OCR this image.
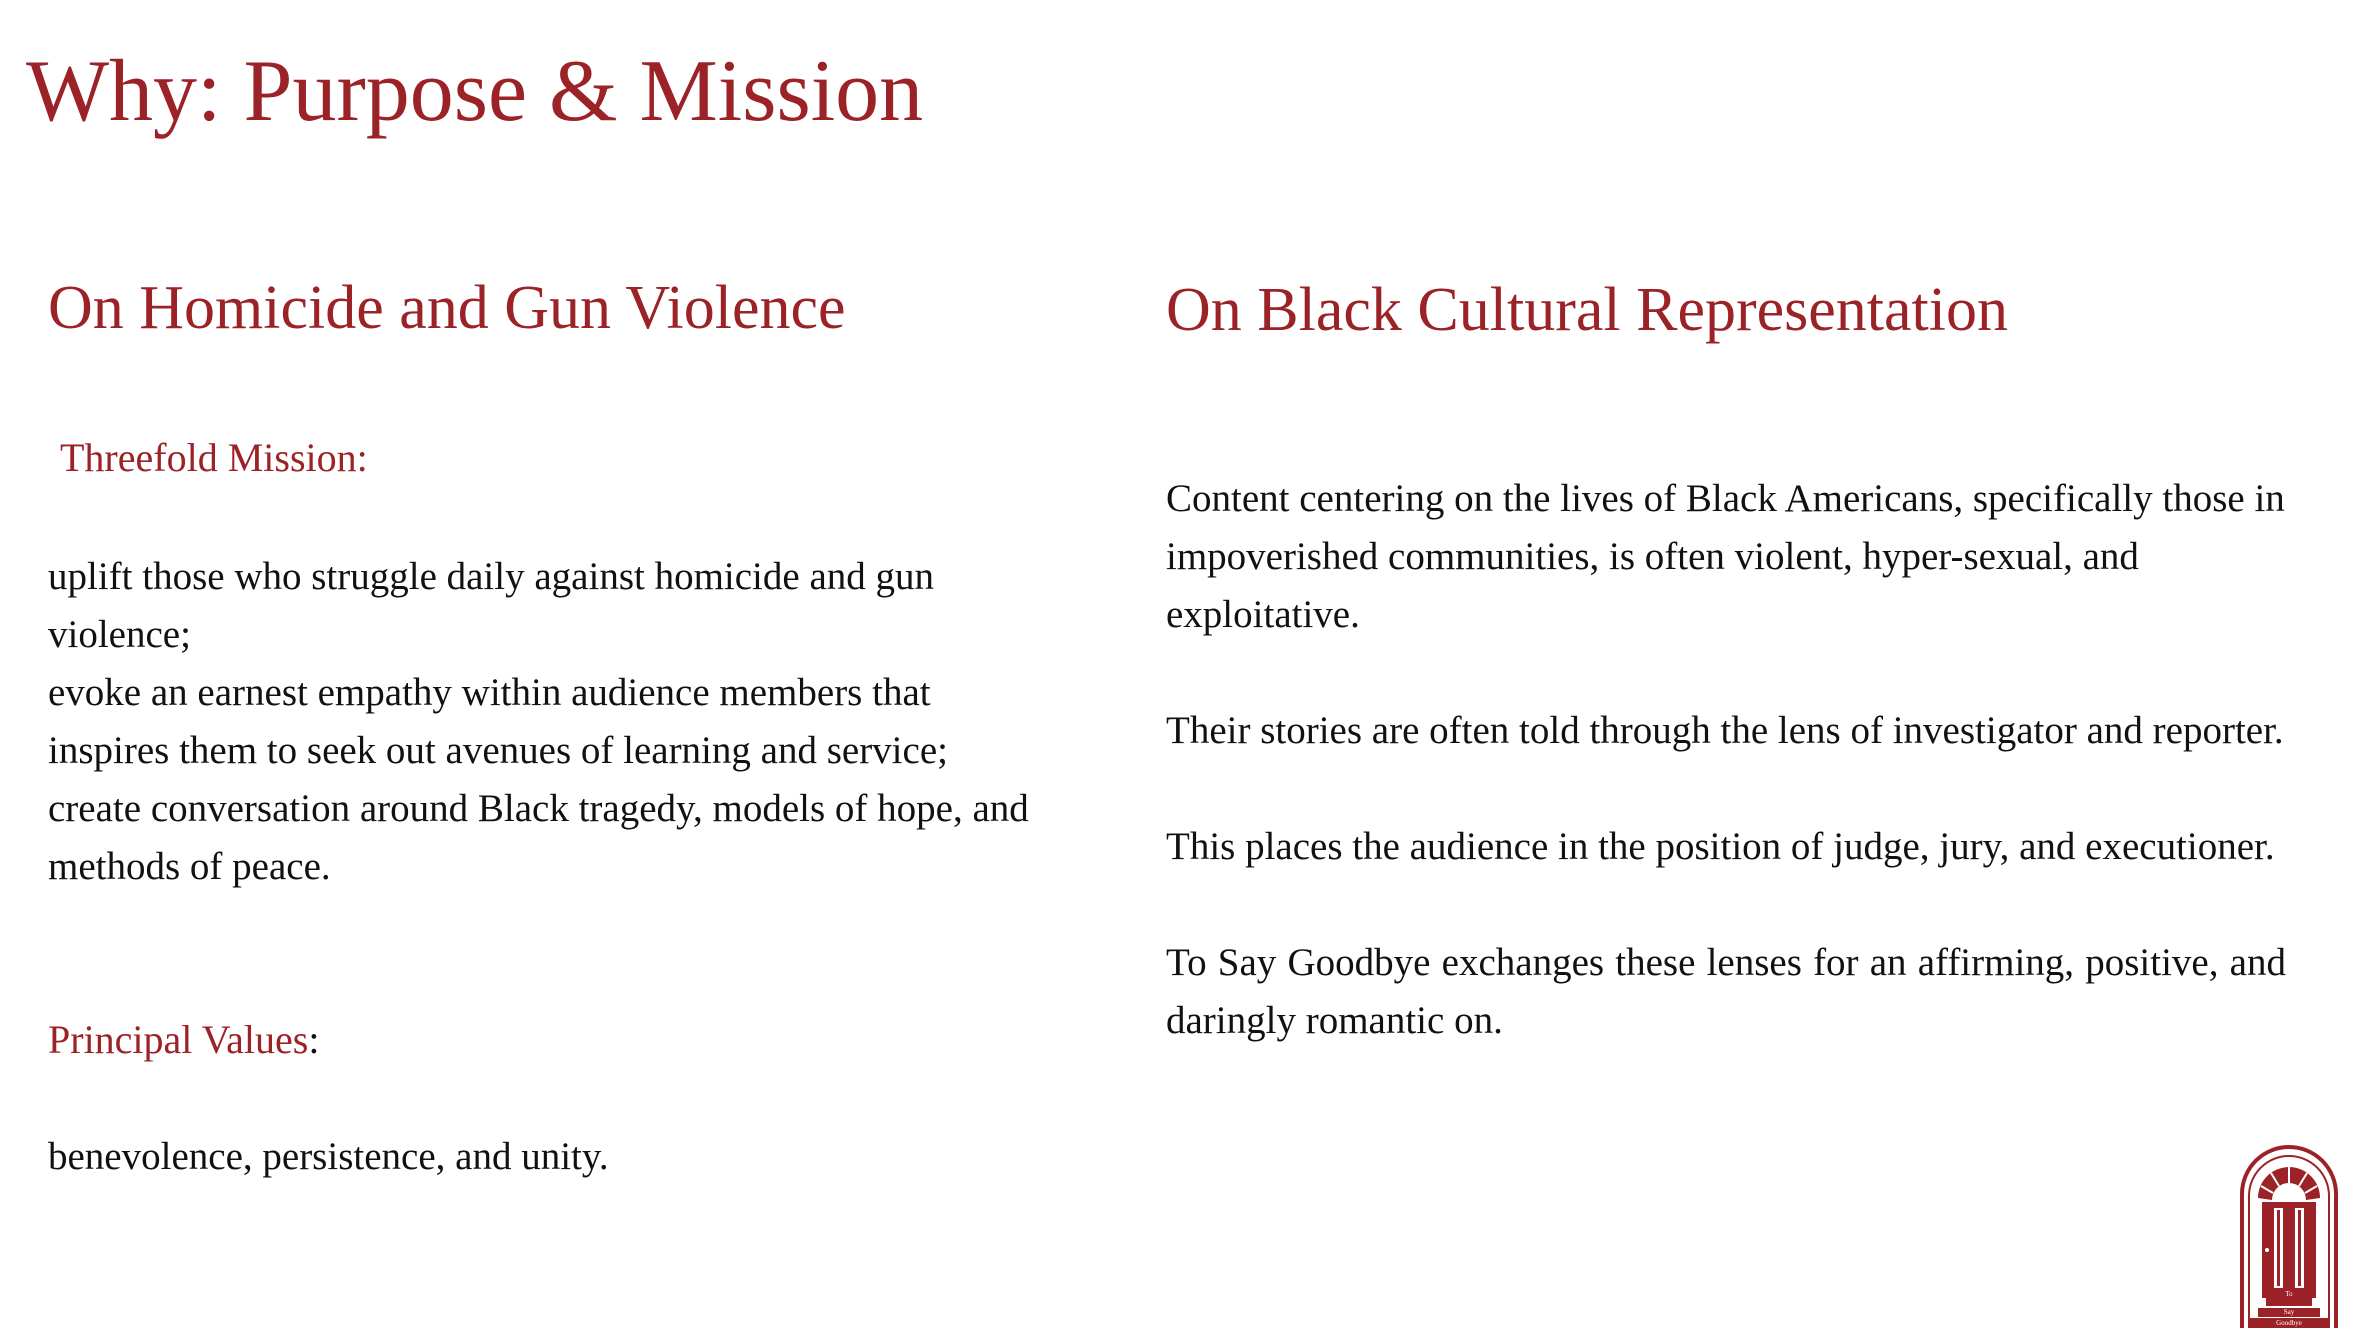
Why: Purpose & Mission
On Homicide and Gun Violence
Threefold Mission:
uplift those who struggle daily against homicide and gun violence;
evoke an earnest empathy within audience members that inspires them to seek out avenues of learning and service;
create conversation around Black tragedy, models of hope, and methods of peace.
Principal Values:
benevolence, persistence, and unity.
On Black Cultural Representation

Content centering on the lives of Black Americans, specifically those in impoverished communities, is often violent, hyper-sexual, and exploitative.

Their stories are often told through the lens of investigator and reporter.

This places the audience in the position of judge, jury, and executioner.

To Say Goodbye exchanges these lenses for an affirming, positive, and daringly romantic on.

To
Say
Goodbye
